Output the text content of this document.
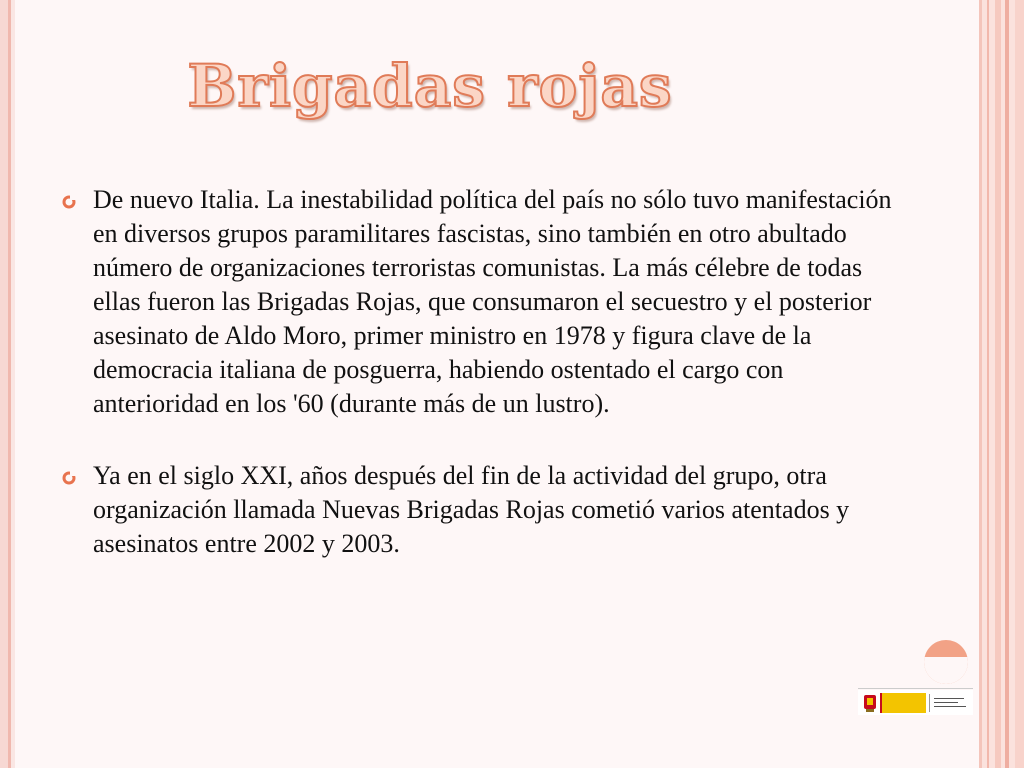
Brigadas rojas
De nuevo Italia. La inestabilidad política del país no sólo tuvo manifestación en diversos grupos paramilitares fascistas, sino también en otro abultado número de organizaciones terroristas comunistas. La más célebre de todas ellas fueron las Brigadas Rojas, que consumaron el secuestro y el posterior asesinato de Aldo Moro, primer ministro en 1978 y figura clave de la democracia italiana de posguerra, habiendo ostentado el cargo con anterioridad en los '60 (durante más de un lustro).
Ya en el siglo XXI, años después del fin de la actividad del grupo, otra organización llamada Nuevas Brigadas Rojas cometió varios atentados y asesinatos entre 2002 y 2003.
